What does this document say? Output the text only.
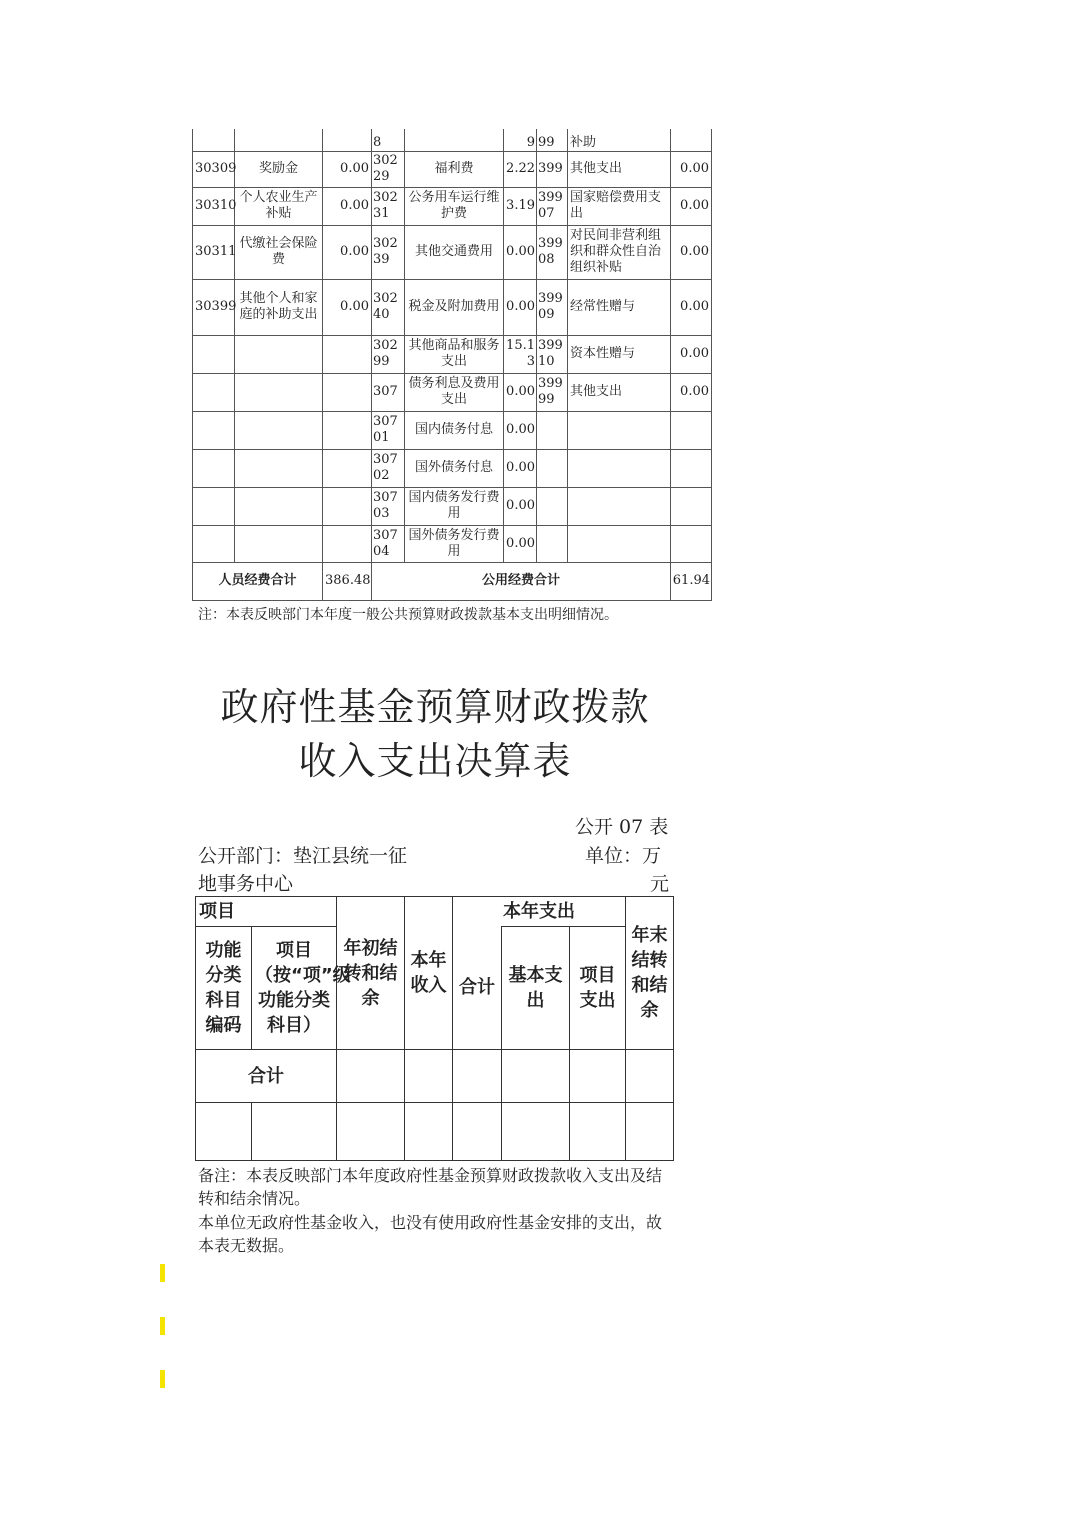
			8		9	99	补助	
30309	奖励金	0.00	30229	福利费	2.22	399	其他支出	0.00
30310	个人农业生产补贴	0.00	30231	公务用车运行维护费	3.19	39907	国家赔偿费用支出	0.00
30311	代缴社会保险费	0.00	30239	其他交通费用	0.00	39908	对民间非营利组织和群众性自治组织补贴	0.00
30399	其他个人和家庭的补助支出	0.00	30240	税金及附加费用	0.00	39909	经常性赠与	0.00
			30299	其他商品和服务支出	15.13	39910	资本性赠与	0.00
			307	债务利息及费用支出	0.00	39999	其他支出	0.00
			30701	国内债务付息	0.00			
			30702	国外债务付息	0.00			
			30703	国内债务发行费用	0.00			
			30704	国外债务发行费用	0.00			
人员经费合计		386.48	公用经费合计					61.94
注：本表反映部门本年度一般公共预算财政拨款基本支出明细情况。
政府性基金预算财政拨款
收入支出决算表
公开 07 表
公开部门：垫江县统一征
地事务中心
单位：万
元
项目		年初结转和结余	本年收入	本年支出			年末结转和结余
功能分类科目编码	项目（按“项”级功能分类科目）			合计	基本支出	项目支出	
合计							

备注：本表反映部门本年度政府性基金预算财政拨款收入支出及结转和结余情况。
本单位无政府性基金收入，也没有使用政府性基金安排的支出，故本表无数据。
